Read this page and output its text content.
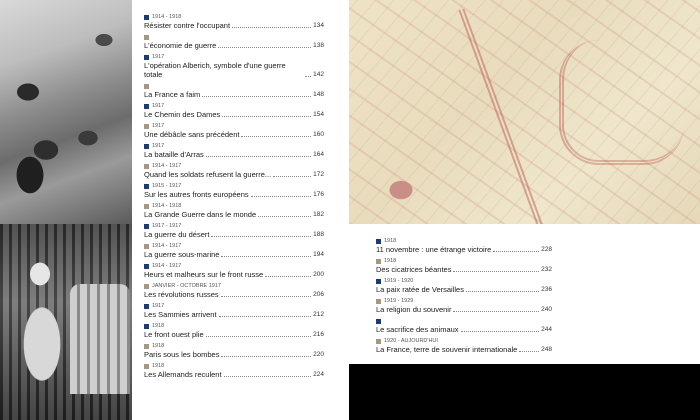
1914 - 1918
Résister contre l'occupant	134
L'économie de guerre	138
1917
L'opération Alberich, symbole d'une guerre totale	142
La France a faim	148
1917
Le Chemin des Dames	154
1917
Une débâcle sans précédent	160
1917
La bataille d'Arras	164
1914 - 1917
Quand les soldats refusent la guerre...	172
1915 - 1917
Sur les autres fronts européens	176
1914 - 1918
La Grande Guerre dans le monde	182
1917 - 1917
La guerre du désert	188
1914 - 1917
La guerre sous-marine	194
1914 - 1917
Heurs et malheurs sur le front russe	200
JANVIER - OCTOBRE 1917
Les révolutions russes	206
1917
Les Sammies arrivent	212
1918
Le front ouest plie	216
1918
Paris sous les bombes	220
1918
Les Allemands reculent	224
1918
11 novembre : une étrange victoire	228
1918
Des cicatrices béantes	232
1919 - 1920
La paix ratée de Versailles	236
1919 - 1929
La religion du souvenir	240
Le sacrifice des animaux	244
1920 - AUJOURD'HUI
La France, terre de souvenir internationale	248
